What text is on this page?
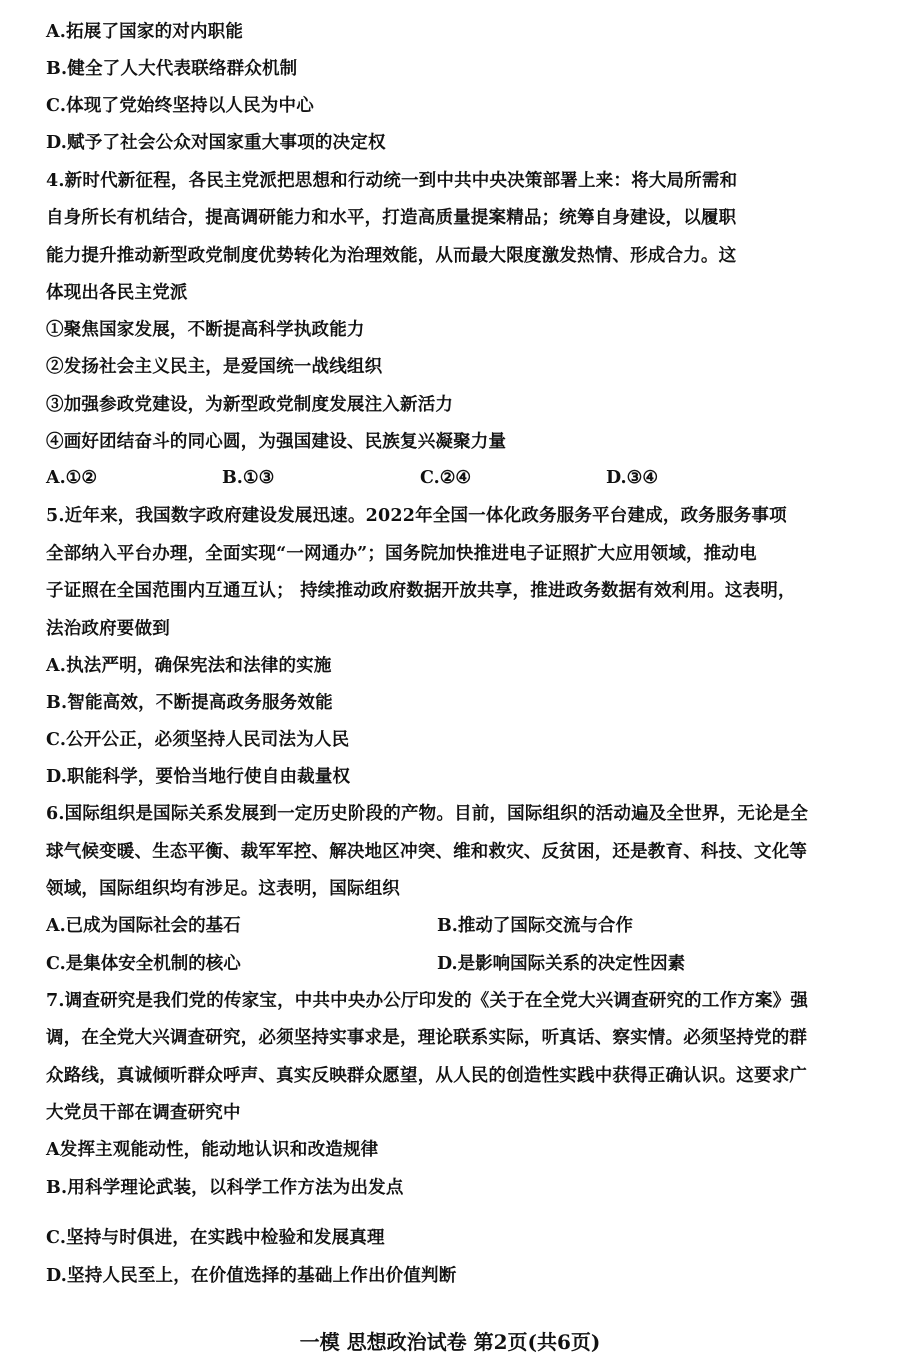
A.拓展了国家的对内职能
B.健全了人大代表联络群众机制
C.体现了党始终坚持以人民为中心
D.赋予了社会公众对国家重大事项的决定权
4.新时代新征程，各民主党派把思想和行动统一到中共中央决策部署上来：将大局所需和
自身所长有机结合，提高调研能力和水平，打造高质量提案精品；统筹自身建设，以履职
能力提升推动新型政党制度优势转化为治理效能，从而最大限度激发热情、形成合力。这
体现出各民主党派
①聚焦国家发展，不断提高科学执政能力
②发扬社会主义民主，是爱国统一战线组织
③加强参政党建设，为新型政党制度发展注入新活力
④画好团结奋斗的同心圆，为强国建设、民族复兴凝聚力量
A.①②	B.①③	C.②④	D.③④
5.近年来，我国数字政府建设发展迅速。2022年全国一体化政务服务平台建成，政务服务事项
全部纳入平台办理，全面实现“一网通办”；国务院加快推进电子证照扩大应用领域，推动电
子证照在全国范围内互通互认； 持续推动政府数据开放共享，推进政务数据有效利用。这表明，
法治政府要做到
A.执法严明，确保宪法和法律的实施
B.智能高效，不断提高政务服务效能
C.公开公正，必须坚持人民司法为人民
D.职能科学，要恰当地行使自由裁量权
6.国际组织是国际关系发展到一定历史阶段的产物。目前，国际组织的活动遍及全世界，无论是全
球气候变暖、生态平衡、裁军军控、解决地区冲突、维和救灾、反贫困，还是教育、科技、文化等
领域，国际组织均有涉足。这表明，国际组织
A.已成为国际社会的基石	B.推动了国际交流与合作
C.是集体安全机制的核心	D.是影响国际关系的决定性因素
7.调查研究是我们党的传家宝，中共中央办公厅印发的《关于在全党大兴调查研究的工作方案》强
调，在全党大兴调查研究，必须坚持实事求是，理论联系实际，听真话、察实情。必须坚持党的群
众路线，真诚倾听群众呼声、真实反映群众愿望，从人民的创造性实践中获得正确认识。这要求广
大党员干部在调查研究中
A发挥主观能动性，能动地认识和改造规律
B.用科学理论武装，以科学工作方法为出发点
C.坚持与时俱进，在实践中检验和发展真理
D.坚持人民至上，在价值选择的基础上作出价值判断
一模 思想政治试卷 第2页(共6页)
